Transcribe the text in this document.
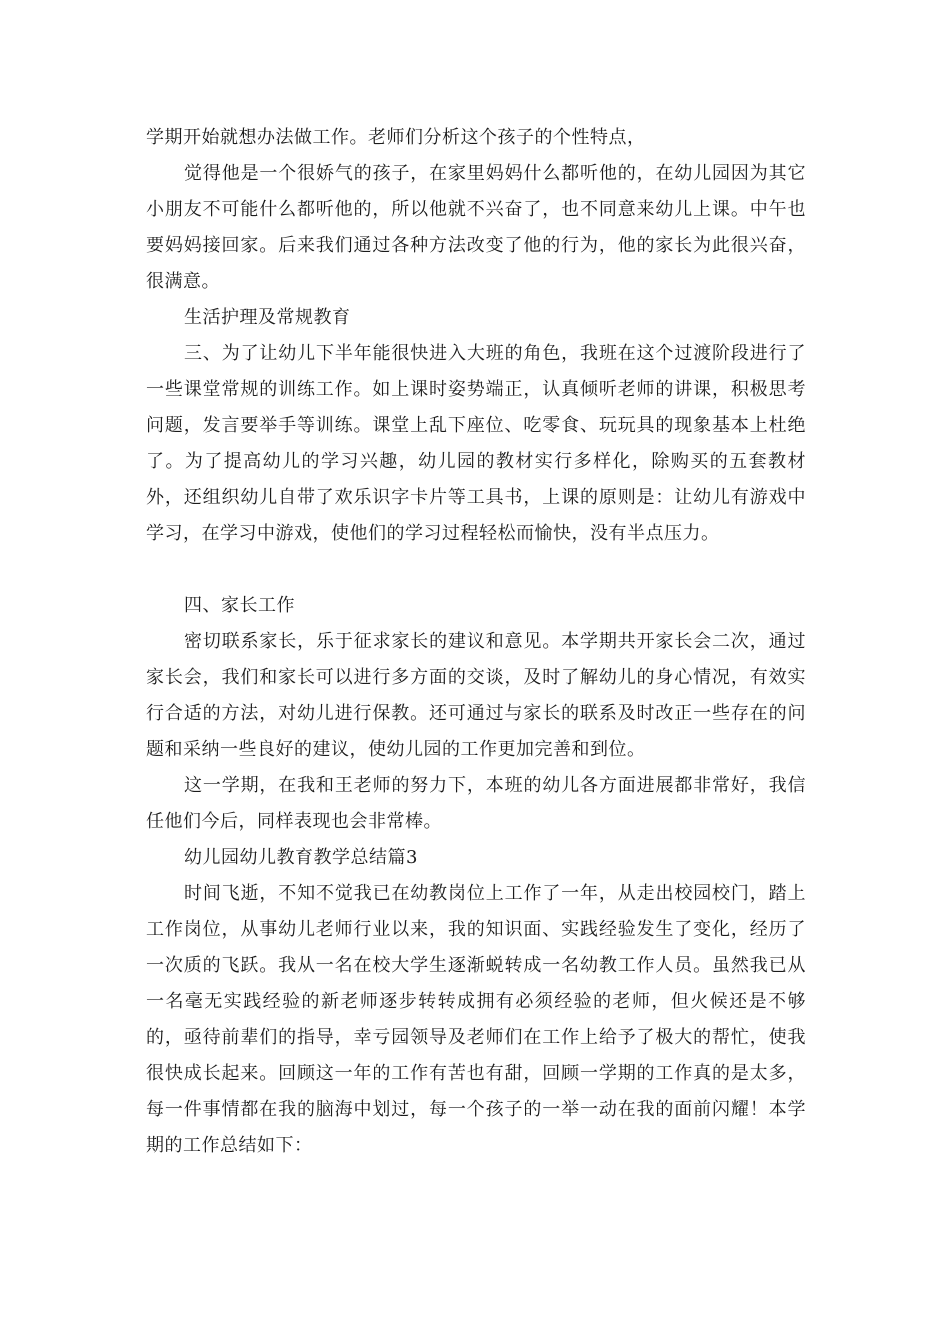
学期开始就想办法做工作。老师们分析这个孩子的个性特点，

觉得他是一个很娇气的孩子，在家里妈妈什么都听他的，在幼儿园因为其它小朋友不可能什么都听他的，所以他就不兴奋了，也不同意来幼儿上课。中午也要妈妈接回家。后来我们通过各种方法改变了他的行为，他的家长为此很兴奋，很满意。

生活护理及常规教育

三、为了让幼儿下半年能很快进入大班的角色，我班在这个过渡阶段进行了一些课堂常规的训练工作。如上课时姿势端正，认真倾听老师的讲课，积极思考问题，发言要举手等训练。课堂上乱下座位、吃零食、玩玩具的现象基本上杜绝了。为了提高幼儿的学习兴趣，幼儿园的教材实行多样化，除购买的五套教材外，还组织幼儿自带了欢乐识字卡片等工具书，上课的原则是：让幼儿有游戏中学习，在学习中游戏，使他们的学习过程轻松而愉快，没有半点压力。

四、家长工作

密切联系家长，乐于征求家长的建议和意见。本学期共开家长会二次，通过家长会，我们和家长可以进行多方面的交谈，及时了解幼儿的身心情况，有效实行合适的方法，对幼儿进行保教。还可通过与家长的联系及时改正一些存在的问题和采纳一些良好的建议，使幼儿园的工作更加完善和到位。

这一学期，在我和王老师的努力下，本班的幼儿各方面进展都非常好，我信任他们今后，同样表现也会非常棒。

幼儿园幼儿教育教学总结篇3

时间飞逝，不知不觉我已在幼教岗位上工作了一年，从走出校园校门，踏上工作岗位，从事幼儿老师行业以来，我的知识面、实践经验发生了变化，经历了一次质的飞跃。我从一名在校大学生逐渐蜕转成一名幼教工作人员。虽然我已从一名毫无实践经验的新老师逐步转转成拥有必须经验的老师，但火候还是不够的，亟待前辈们的指导，幸亏园领导及老师们在工作上给予了极大的帮忙，使我很快成长起来。回顾这一年的工作有苦也有甜，回顾一学期的工作真的是太多，每一件事情都在我的脑海中划过，每一个孩子的一举一动在我的面前闪耀！本学期的工作总结如下：
